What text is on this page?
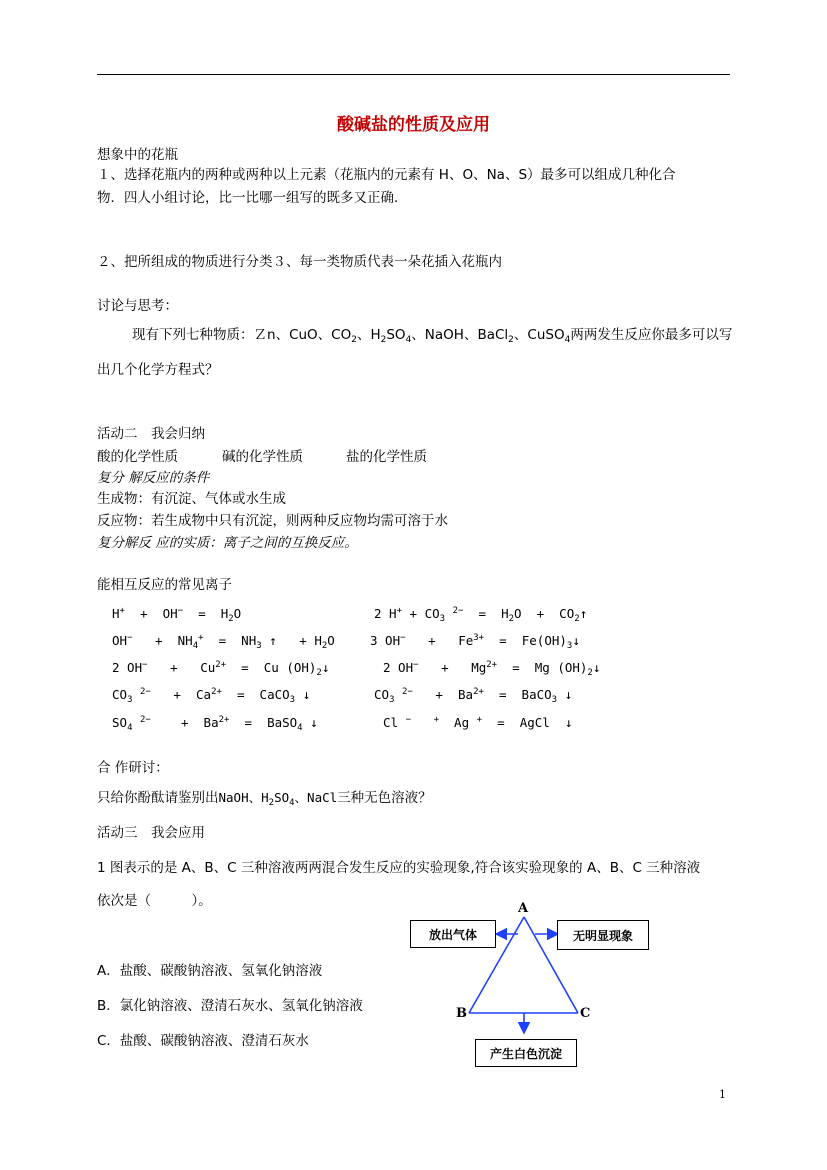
酸碱盐的性质及应用
想象中的花瓶
１、选择花瓶内的两种或两种以上元素（花瓶内的元素有 H、O、Na、S）最多可以组成几种化合
物．四人小组讨论，比一比哪一组写的既多又正确．
２、把所组成的物质进行分类３、每一类物质代表一朵花插入花瓶内
讨论与思考：
现有下列七种物质：Ｚn、CuO、$CO_2$、$H_2SO_4$、NaOH、BaCl$_2$、CuSO$_4$两两发生反应你最多可以写
出几个化学方程式？
活动二　我会归纳
酸的化学性质	碱的化学性质	盐的化学性质
复分 解反应的条件
生成物：有沉淀、气体或水生成
反应物：若生成物中只有沉淀，则两种反应物均需可溶于水
复分解反 应的实质：离子之间的互换反应。
能相互反应的常见离子
$H^+ + OH^- = H_2O$	2 $H^+ + CO_3$ $^{2-} = H_2O$  +  $CO_2↑$
$OH^- + NH_4^+ = NH_3$ ↑   + $H_2O$	3 $OH^- + Fe^{3+}$  =  $Fe(OH)_3↓$
2 $OH^- + Cu^{2+} = Cu$ $(OH)_2↓$	2 $OH^- + Mg^{2+} = Mg$ $(OH)_2↓$
$CO_3$ $^{2-} + Ca^{2+}$  =  CaCO$_3$ ↓	$CO_3$ $^{2-} + Ba^{2+}$  =  BaCO$_3$ ↓
$SO_4$ $^{2-}$    +  $Ba^{2+}$  =  BaSO$_4$ ↓	Cl −	+  Ag +  =  AgCl  ↓
合 作研讨：
只给你酚酞请鉴别出NaOH、$H_2SO_4$、NaCl三种无色溶液？
活动三　我会应用
1 图表示的是 A、B、C 三种溶液两两混合发生反应的实验现象,符合该实验现象的 A、B、C 三种溶液
依次是（　　　）。
A．盐酸、碳酸钠溶液、氢氧化钠溶液
B．氯化钠溶液、澄清石灰水、氢氧化钠溶液
C．盐酸、碳酸钠溶液、澄清石灰水
A
B	C
放出气体	无明显现象
产生白色沉淀
1
